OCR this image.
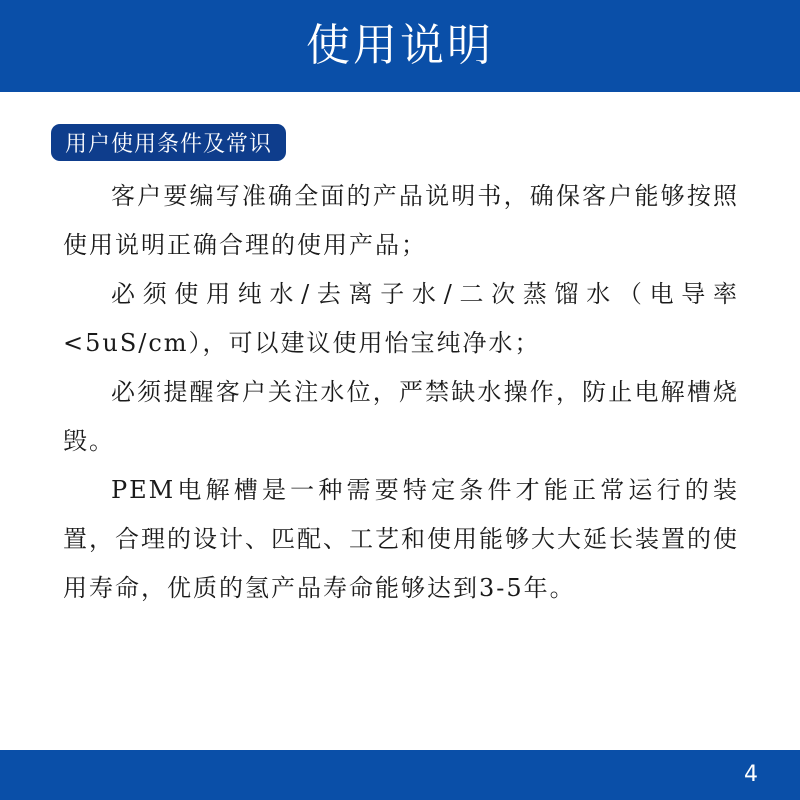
使用说明
用户使用条件及常识

客户要编写准确全面的产品说明书，确保客户能够按照使用说明正确合理的使用产品；

必须使用纯水/去离子水/二次蒸馏水（电导率<5uS/cm），可以建议使用怡宝纯净水；

必须提醒客户关注水位，严禁缺水操作，防止电解槽烧毁。

PEM电解槽是一种需要特定条件才能正常运行的装置，合理的设计、匹配、工艺和使用能够大大延长装置的使用寿命，优质的氢产品寿命能够达到3-5年。

4
